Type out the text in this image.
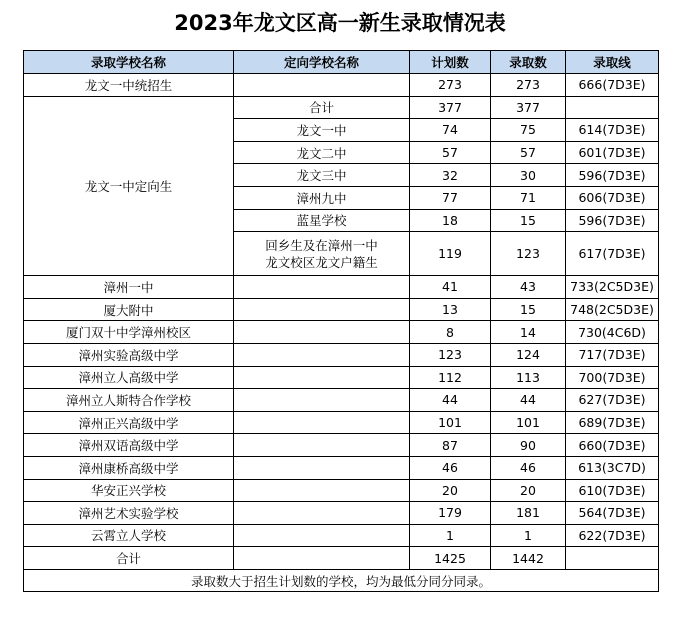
2023年龙文区高一新生录取情况表
录取学校名称	定向学校名称	计划数	录取数	录取线
龙文一中统招生		273	273	666(7D3E)
龙文一中定向生	合计	377	377	
	龙文一中	74	75	614(7D3E)
	龙文二中	57	57	601(7D3E)
	龙文三中	32	30	596(7D3E)
	漳州九中	77	71	606(7D3E)
	蓝星学校	18	15	596(7D3E)
	回乡生及在漳州一中
龙文校区龙文户籍生	119	123	617(7D3E)
漳州一中		41	43	733(2C5D3E)
厦大附中		13	15	748(2C5D3E)
厦门双十中学漳州校区		8	14	730(4C6D)
漳州实验高级中学		123	124	717(7D3E)
漳州立人高级中学		112	113	700(7D3E)
漳州立人斯特合作学校		44	44	627(7D3E)
漳州正兴高级中学		101	101	689(7D3E)
漳州双语高级中学		87	90	660(7D3E)
漳州康桥高级中学		46	46	613(3C7D)
华安正兴学校		20	20	610(7D3E)
漳州艺术实验学校		179	181	564(7D3E)
云霄立人学校		1	1	622(7D3E)
合计		1425	1442	
录取数大于招生计划数的学校，均为最低分同分同录。				
